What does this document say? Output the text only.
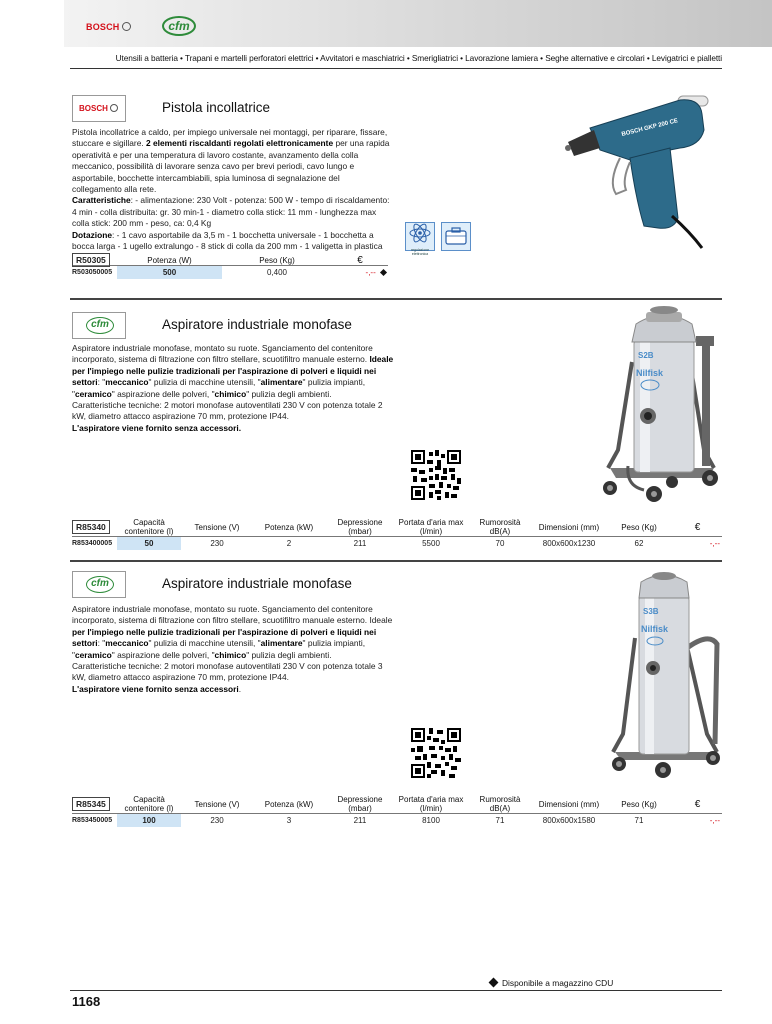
BOSCH	cfm
Utensili a batteria • Trapani e martelli perforatori elettrici • Avvitatori e maschiatrici • Smerigliatrici • Lavorazione lamiera • Seghe alternative e circolari • Levigatrici e pialletti
BOSCH	Pistola incollatrice
Pistola incollatrice a caldo, per impiego universale nei montaggi, per riparare, fissare, stuccare e sigillare. 2 elementi riscaldanti regolati elettronicamente per una rapida operatività e per una temperatura di lavoro costante, avanzamento della colla meccanico, possibilità di lavorare senza cavo per brevi periodi, cavo lungo e asportabile, bocchette intercambiabili, spia luminosa di segnalazione del collegamento alla rete.
Caratteristiche: - alimentazione: 230 Volt - potenza: 500 W - tempo di riscaldamento: 4 min - colla distribuita: gr. 30 min-1 - diametro colla stick: 11 mm - lunghezza max colla stick: 200 mm - peso, ca: 0,4 Kg
Dotazione: - 1 cavo asportabile da 3,5 m - 1 bocchetta universale - 1 bocchetta a bocca larga - 1 ugello extralungo - 8 stick di colla da 200 mm - 1 valigetta in plastica	regolazione elettronica
BOSCH GKP 200 CE
R50305	Potenza (W)	Peso (Kg)	€
R503050005	500	0,400	-,--
cfm	Aspiratore industriale monofase
Aspiratore industriale monofase, montato su ruote. Sganciamento del contenitore incorporato, sistema di filtrazione con filtro stellare, scuotifiltro manuale esterno. Ideale per l'impiego nelle pulizie tradizionali per l'aspirazione di polveri e liquidi nei settori: "meccanico" pulizia di macchine utensili, "alimentare" pulizia impianti, "ceramico" aspirazione delle polveri, "chimico" pulizia degli ambienti.
Caratteristiche tecniche: 2 motori monofase autoventilati 230 V con potenza totale 2 kW, diametro attacco aspirazione 70 mm, protezione IP44.
L'aspiratore viene fornito senza accessori.
S2B
Nilfisk
R85340	Capacità contenitore (l)	Tensione (V)	Potenza (kW)	Depressione (mbar)	Portata d'aria max (l/min)	Rumorosità dB(A)	Dimensioni (mm)	Peso (Kg)	€
R853400005	50	230	2	211	5500	70	800x600x1230	62	-,--
cfm	Aspiratore industriale monofase
Aspiratore industriale monofase, montato su ruote. Sganciamento del contenitore incorporato, sistema di filtrazione con filtro stellare, scuotifiltro manuale esterno. Ideale per l'impiego nelle pulizie tradizionali per l'aspirazione di polveri e liquidi nei settori: "meccanico" pulizia di macchine utensili, "alimentare" pulizia impianti, "ceramico" aspirazione delle polveri, "chimico" pulizia degli ambienti.
Caratteristiche tecniche: 2 motori monofase autoventilati 230 V con potenza totale 3 kW, diametro attacco aspirazione 70 mm, protezione IP44.
L'aspiratore viene fornito senza accessori.
S3B
Nilfisk
R85345	Capacità contenitore (l)	Tensione (V)	Potenza (kW)	Depressione (mbar)	Portata d'aria max (l/min)	Rumorosità dB(A)	Dimensioni (mm)	Peso (Kg)	€
R853450005	100	230	3	211	8100	71	800x600x1580	71	-,--
Disponibile a magazzino CDU
1168
